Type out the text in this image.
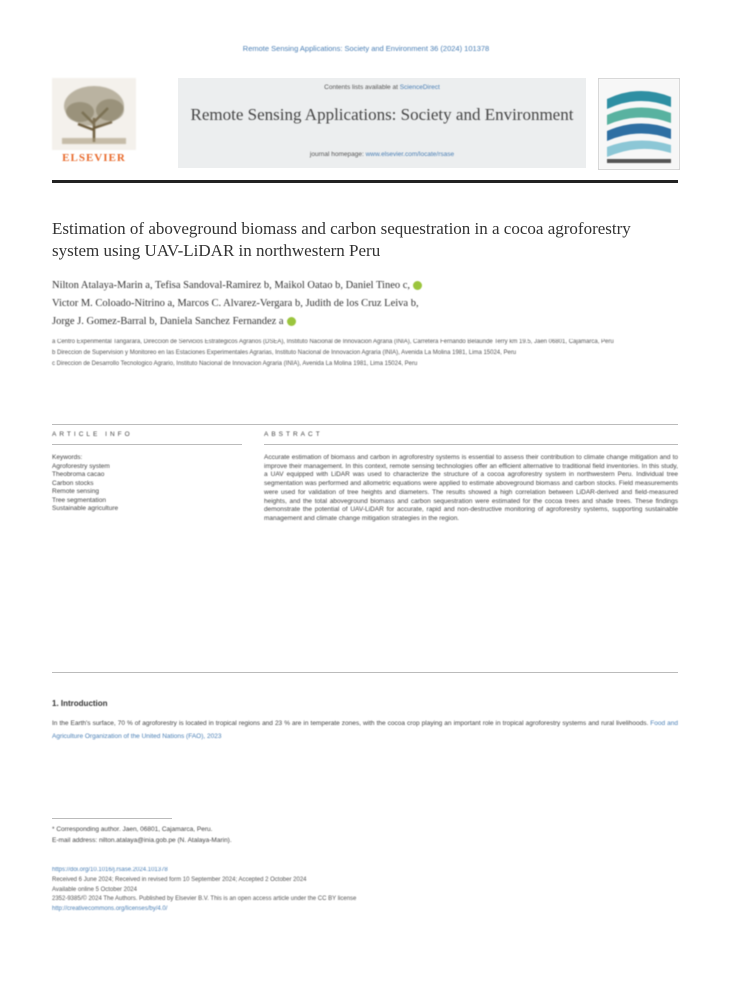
Remote Sensing Applications: Society and Environment 36 (2024) 101378
Contents lists available at ScienceDirect
Remote Sensing Applications: Society and Environment
journal homepage: www.elsevier.com/locate/rsase
ELSEVIER
Estimation of aboveground biomass and carbon sequestration in a cocoa agroforestry system using UAV-LiDAR in northwestern Peru
Nilton Atalaya-Marin a, Tefisa Sandoval-Ramirez b, Maikol Oatao b, Daniel Tineo c,
Victor M. Coloado-Nitrino a, Marcos C. Alvarez-Vergara b, Judith de los Cruz Leiva b,
Jorge J. Gomez-Barral b, Daniela Sanchez Fernandez a
a Centro Experimental Tangarara, Direccion de Servicios Estrategicos Agrarios (DSEA), Instituto Nacional de Innovacion Agraria (INIA), Carretera Fernando Belaunde Terry km 19.5, Jaen 06801, Cajamarca, Peru
b Direccion de Supervision y Monitoreo en las Estaciones Experimentales Agrarias, Instituto Nacional de Innovacion Agraria (INIA), Avenida La Molina 1981, Lima 15024, Peru
c Direccion de Desarrollo Tecnologico Agrario, Instituto Nacional de Innovacion Agraria (INIA), Avenida La Molina 1981, Lima 15024, Peru
ARTICLE INFO	ABSTRACT
Keywords:
Agroforestry system
Theobroma cacao
Carbon stocks
Remote sensing
Tree segmentation
Sustainable agriculture
Accurate estimation of biomass and carbon in agroforestry systems is essential to assess their contribution to climate change mitigation and to improve their management. In this context, remote sensing technologies offer an efficient alternative to traditional field inventories. In this study, a UAV equipped with LiDAR was used to characterize the structure of a cocoa agroforestry system in northwestern Peru. Individual tree segmentation was performed and allometric equations were applied to estimate aboveground biomass and carbon stocks. Field measurements were used for validation of tree heights and diameters. The results showed a high correlation between LiDAR-derived and field-measured heights, and the total aboveground biomass and carbon sequestration were estimated for the cocoa trees and shade trees. These findings demonstrate the potential of UAV-LiDAR for accurate, rapid and non-destructive monitoring of agroforestry systems, supporting sustainable management and climate change mitigation strategies in the region.
1. Introduction
In the Earth's surface, 70 % of agroforestry is located in tropical regions and 23 % are in temperate zones, with the cocoa crop playing an important role in tropical agroforestry systems and rural livelihoods. Food and Agriculture Organization of the United Nations (FAO), 2023
* Corresponding author. Jaen, 06801, Cajamarca, Peru.
E-mail address: nilton.atalaya@inia.gob.pe (N. Atalaya-Marin).
https://doi.org/10.1016/j.rsase.2024.101378
Received 6 June 2024; Received in revised form 10 September 2024; Accepted 2 October 2024
Available online 5 October 2024
2352-9385/© 2024 The Authors. Published by Elsevier B.V. This is an open access article under the CC BY license
http://creativecommons.org/licenses/by/4.0/
